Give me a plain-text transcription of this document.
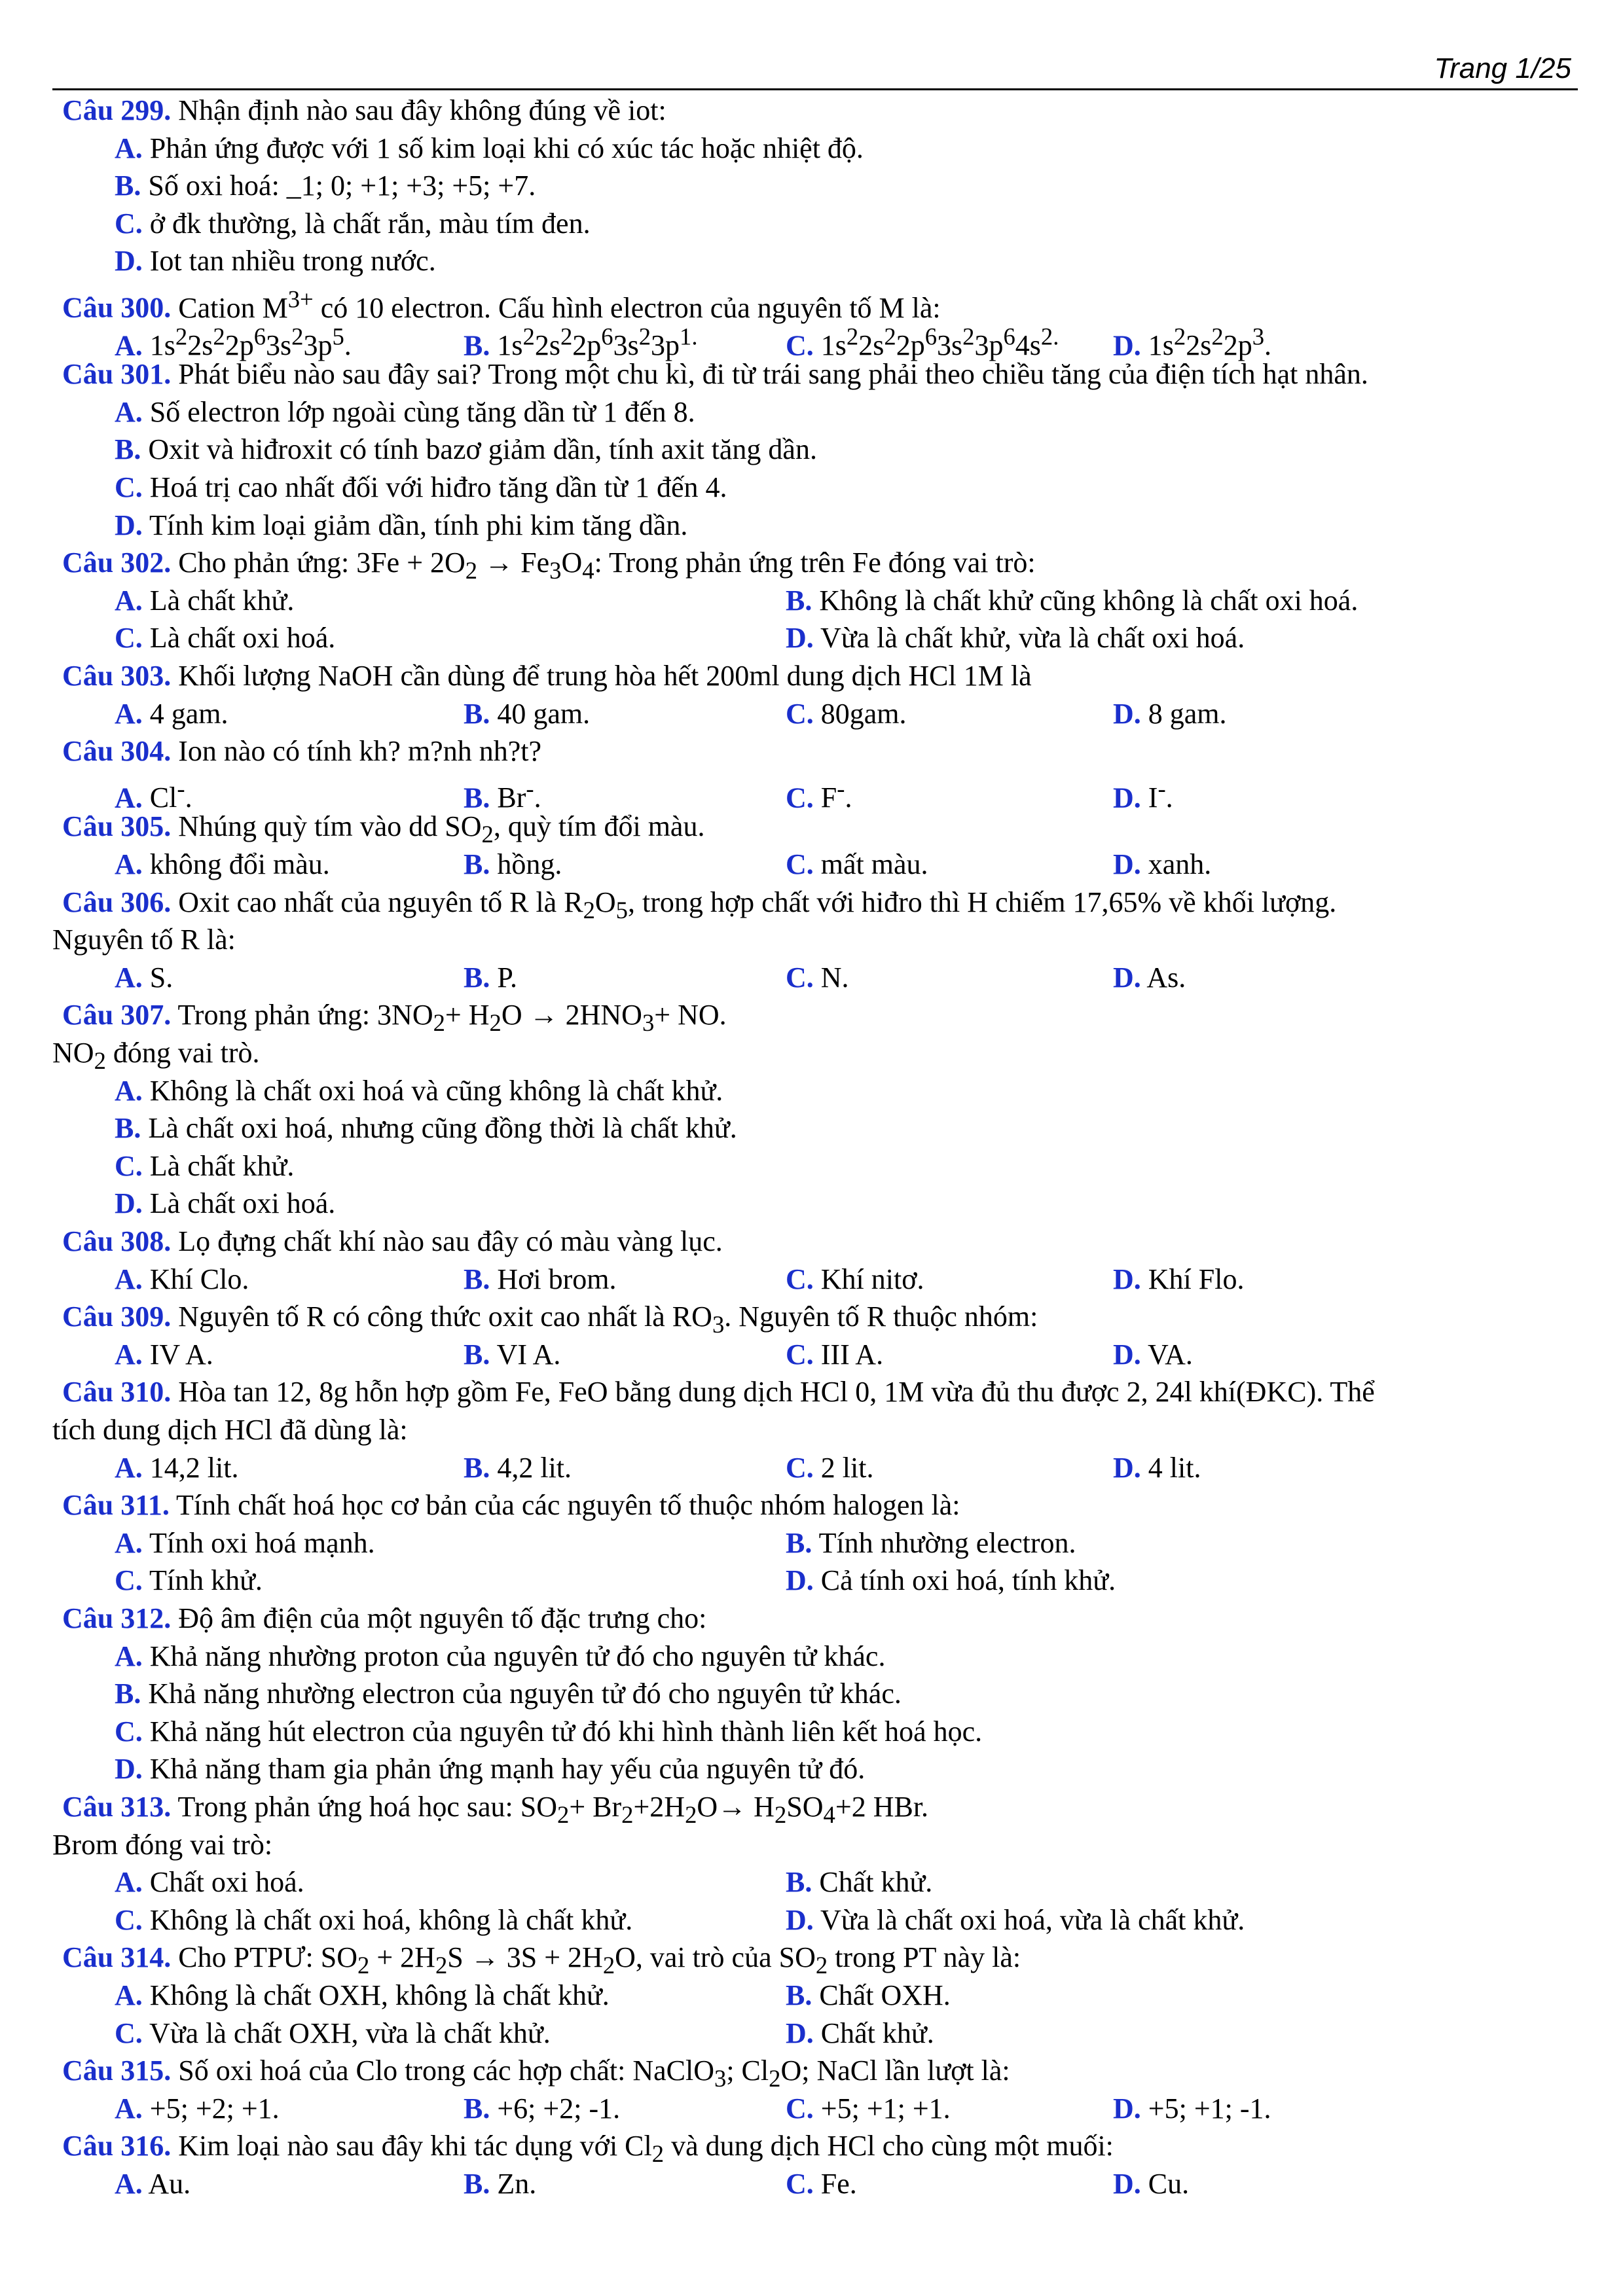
Trang 1/25
Câu 299. Nhận định nào sau đây không đúng về iot:
A. Phản ứng được với 1 số kim loại khi có xúc tác hoặc nhiệt độ.
B. Số oxi hoá: _1; 0; +1; +3; +5; +7.
C. ở đk thường, là chất rắn, màu tím đen.
D. Iot tan nhiều trong nước.
Câu 300. Cation $M^{3+}$ có 10 electron. Cấu hình electron của nguyên tố M là:
A. $1s^22s^22p^63s^23p^5$.	B. $1s^22s^22p^63s^23p^{1.}$	C. $1s^22s^22p^63s^23p^64s^{2.}$ D. $1s^22s^22p^3$.
Câu 301. Phát biểu nào sau đây sai? Trong một chu kì, đi từ trái sang phải theo chiều tăng của điện tích hạt nhân.
A. Số electron lớp ngoài cùng tăng dần từ 1 đến 8.
B. Oxit và hiđroxit có tính bazơ giảm dần, tính axit tăng dần.
C. Hoá trị cao nhất đối với hiđro tăng dần từ 1 đến 4.
D. Tính kim loại giảm dần, tính phi kim tăng dần.
Câu 302. Cho phản ứng: $3Fe + 2O_2 \to Fe_3O_4$: Trong phản ứng trên Fe đóng vai trò:
A. Là chất khử.	B. Không là chất khử cũng không là chất oxi hoá.
C. Là chất oxi hoá.	D. Vừa là chất khử, vừa là chất oxi hoá.
Câu 303. Khối lượng NaOH cần dùng để trung hòa hết 200ml dung dịch HCl 1M là
A. 4 gam.	B. 40 gam.	C. 80gam.	D. 8 gam.
Câu 304. Ion nào có tính kh? m?nh nh?t?
A. Cl-.	B. Br-.	C. F-.	D. I-.
Câu 305. Nhúng quỳ tím vào dd $SO_2$, quỳ tím đổi màu.
A. không đổi màu.	B. hồng.	C. mất màu.	D. xanh.
Câu 306. Oxit cao nhất của nguyên tố R là $R_2O_5$, trong hợp chất với hiđro thì H chiếm 17,65% về khối lượng.
Nguyên tố R là:
A. S.	B. P.	C. N.	D. As.
Câu 307. Trong phản ứng: $3NO_2+ H_2O \to 2HNO_3+$ NO.
$NO_2$ đóng vai trò.
A. Không là chất oxi hoá và cũng không là chất khử.
B. Là chất oxi hoá, nhưng cũng đồng thời là chất khử.
C. Là chất khử.
D. Là chất oxi hoá.
Câu 308. Lọ đựng chất khí nào sau đây có màu vàng lục.
A. Khí Clo.	B. Hơi brom.	C. Khí nitơ.	D. Khí Flo.
Câu 309. Nguyên tố R có công thức oxit cao nhất là $RO_3$. Nguyên tố R thuộc nhóm:
A. IV A.	B. VI A.	C. III A.	D. VA.
Câu 310. Hòa tan 12, 8g hỗn hợp gồm Fe, FeO bằng dung dịch HCl 0, 1M vừa đủ thu được 2, 24l khí(ĐKC). Thể
tích dung dịch HCl đã dùng là:
A. 14,2 lit.	B. 4,2 lit.	C. 2 lit.	D. 4 lit.
Câu 311. Tính chất hoá học cơ bản của các nguyên tố thuộc nhóm halogen là:
A. Tính oxi hoá mạnh.	B. Tính nhường electron.
C. Tính khử.	D. Cả tính oxi hoá, tính khử.
Câu 312. Độ âm điện của một nguyên tố đặc trưng cho:
A. Khả năng nhường proton của nguyên tử đó cho nguyên tử khác.
B. Khả năng nhường electron của nguyên tử đó cho nguyên tử khác.
C. Khả năng hút electron của nguyên tử đó khi hình thành liên kết hoá học.
D. Khả năng tham gia phản ứng mạnh hay yếu của nguyên tử đó.
Câu 313. Trong phản ứng hoá học sau: $SO_2+ Br_2+2H_2O\to H_2SO_4+2$ HBr.
Brom đóng vai trò:
A. Chất oxi hoá.	B. Chất khử.
C. Không là chất oxi hoá, không là chất khử.	D. Vừa là chất oxi hoá, vừa là chất khử.
Câu 314. Cho PTPƯ: $SO_2 + 2H_2S \to 3S + 2H_2O$, vai trò của $SO_2$ trong PT này là:
A. Không là chất OXH, không là chất khử.	B. Chất OXH.
C. Vừa là chất OXH, vừa là chất khử.	D. Chất khử.
Câu 315. Số oxi hoá của Clo trong các hợp chất: NaClO$_3$; $Cl_2O$; NaCl lần lượt là:
A. +5; +2; +1.	B. +6; +2; -1.	C. +5; +1; +1.	D. +5; +1; -1.
Câu 316. Kim loại nào sau đây khi tác dụng với $Cl_2$ và dung dịch HCl cho cùng một muối:
A. Au.	B. Zn.	C. Fe.	D. Cu.
